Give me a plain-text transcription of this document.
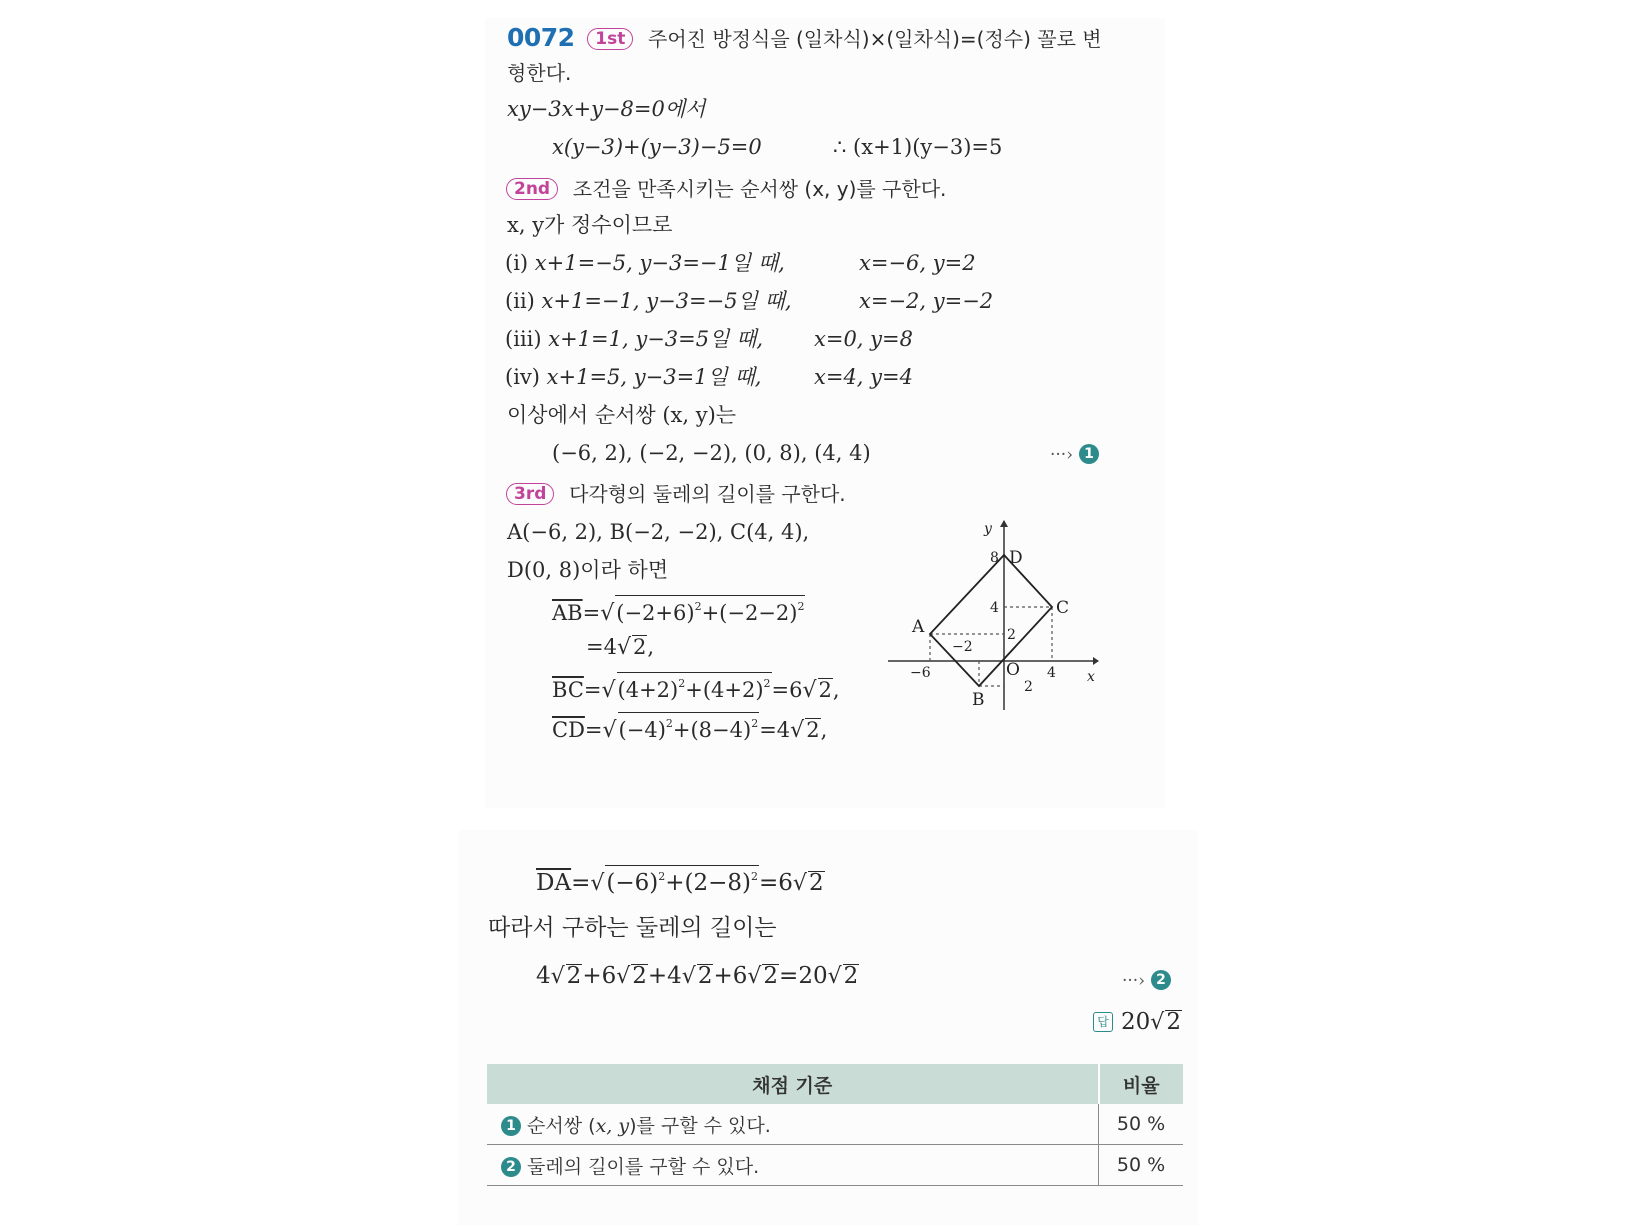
0072 1st 주어진 방정식을 (일차식)×(일차식)=(정수) 꼴로 변
형한다.
xy−3x+y−8=0에서
x(y−3)+(y−3)−5=0	∴ (x+1)(y−3)=5
2nd 조건을 만족시키는 순서쌍 (x, y)를 구한다.
x, y가 정수이므로
(ⅰ) x+1=−5, y−3=−1일 때,	x=−6, y=2
(ⅱ) x+1=−1, y−3=−5일 때,	x=−2, y=−2
(ⅲ) x+1=1, y−3=5일 때, x=0, y=8
(ⅳ) x+1=5, y−3=1일 때,	x=4, y=4
이상에서 순서쌍 (x, y)는
(−6, 2), (−2, −2), (0, 8), (4, 4)	···› 1
3rd 다각형의 둘레의 길이를 구한다.
A(−6, 2), B(−2, −2), C(4, 4),
D(0, 8)이라 하면
$\overline{AB}=√(-2+6)^2+(-2-2)^2$
=4√2,
$\overline{BC}=√(4+2)^2+(4+2)^2=6√2$,
$\overline{CD}=√(-4)^2+(8-4)^2=4√2$,
A
B
C
D
O	x
y
8
4
2
2
−6
−2
4
$\overline{DA}=√(-6)^2+(2-8)^2=6√2$
따라서 구하는 둘레의 길이는
4√2+6√2+4√2+6√2=20√2	···› 2
답 20√2
채점 기준	비율
1 순서쌍 (x, y)를 구할 수 있다.	50 %
2 둘레의 길이를 구할 수 있다.	50 %
